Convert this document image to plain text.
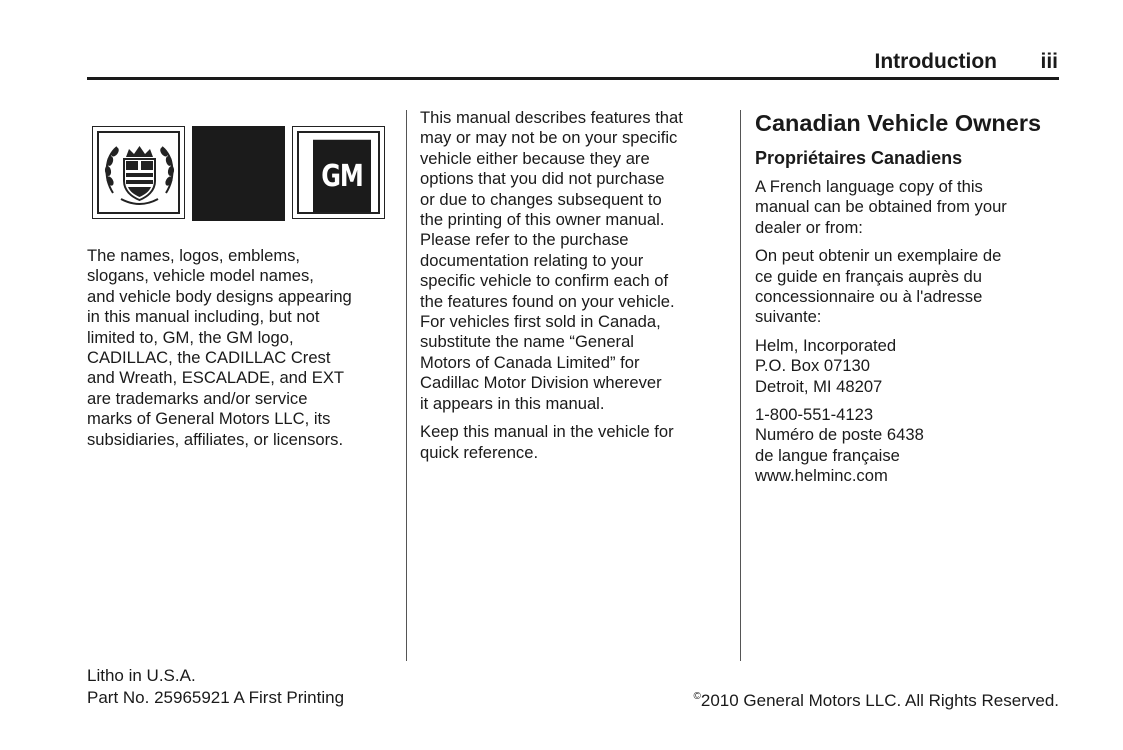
Introduction iii
GM

The names, logos, emblems,
slogans, vehicle model names,
and vehicle body designs appearing
in this manual including, but not
limited to, GM, the GM logo,
CADILLAC, the CADILLAC Crest
and Wreath, ESCALADE, and EXT
are trademarks and/or service
marks of General Motors LLC, its
subsidiaries, affiliates, or licensors.

This manual describes features that
may or may not be on your specific
vehicle either because they are
options that you did not purchase
or due to changes subsequent to
the printing of this owner manual.
Please refer to the purchase
documentation relating to your
specific vehicle to confirm each of
the features found on your vehicle.
For vehicles first sold in Canada,
substitute the name “General
Motors of Canada Limited” for
Cadillac Motor Division wherever
it appears in this manual.

Keep this manual in the vehicle for
quick reference.

Canadian Vehicle Owners

Propriétaires Canadiens

A French language copy of this
manual can be obtained from your
dealer or from:

On peut obtenir un exemplaire de
ce guide en français auprès du
concessionnaire ou à l'adresse
suivante:

Helm, Incorporated
P.O. Box 07130
Detroit, MI 48207

1-800-551-4123
Numéro de poste 6438
de langue française
www.helminc.com

Litho in U.S.A.
Part No. 25965921 A First Printing	©2010 General Motors LLC. All Rights Reserved.
